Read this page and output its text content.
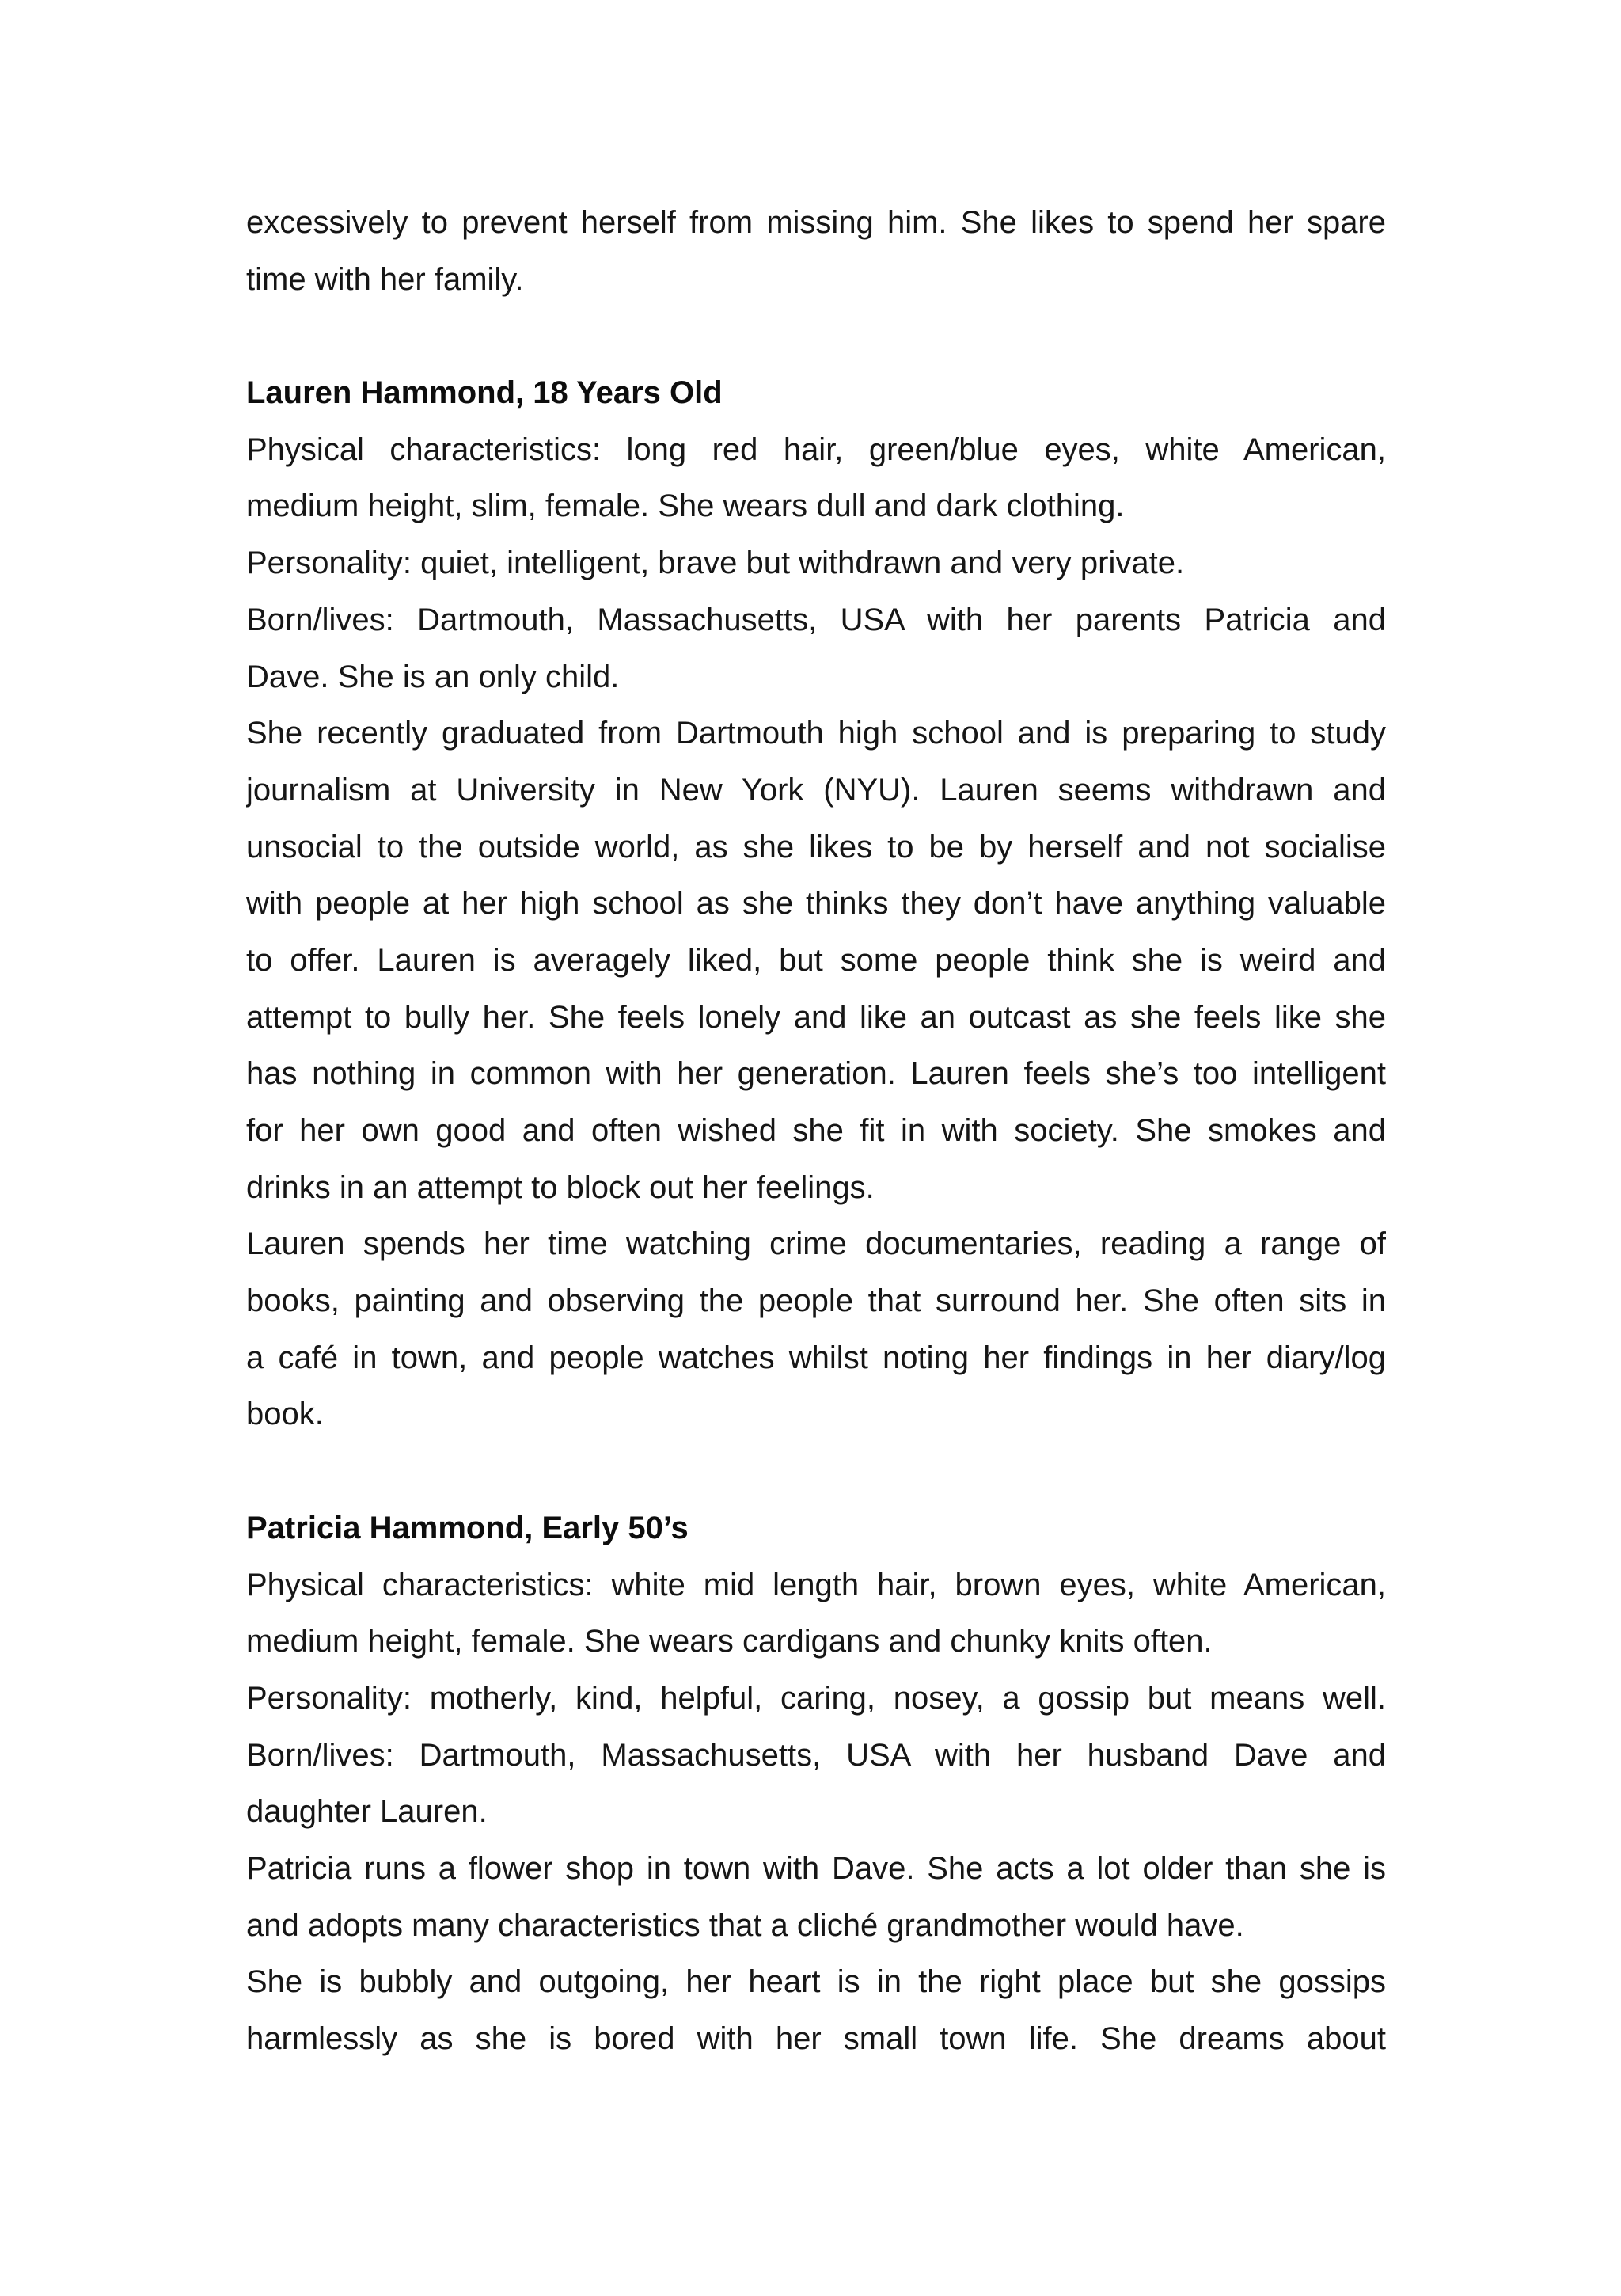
excessively to prevent herself from missing him. She likes to spend her spare
time with her family.
Lauren Hammond, 18 Years Old
Physical characteristics: long red hair, green/blue eyes, white American,
medium height, slim, female. She wears dull and dark clothing.
Personality: quiet, intelligent, brave but withdrawn and very private.
Born/lives: Dartmouth, Massachusetts, USA with her parents Patricia and
Dave. She is an only child.
She recently graduated from Dartmouth high school and is preparing to study
journalism at University in New York (NYU). Lauren seems withdrawn and
unsocial to the outside world, as she likes to be by herself and not socialise
with people at her high school as she thinks they don’t have anything valuable
to offer. Lauren is averagely liked, but some people think she is weird and
attempt to bully her. She feels lonely and like an outcast as she feels like she
has nothing in common with her generation. Lauren feels she’s too intelligent
for her own good and often wished she fit in with society. She smokes and
drinks in an attempt to block out her feelings.
Lauren spends her time watching crime documentaries, reading a range of
books, painting and observing the people that surround her. She often sits in
a café in town, and people watches whilst noting her findings in her diary/log
book.
Patricia Hammond, Early 50’s
Physical characteristics: white mid length hair, brown eyes, white American,
medium height, female. She wears cardigans and chunky knits often.
Personality: motherly, kind, helpful, caring, nosey, a gossip but means well.
Born/lives: Dartmouth, Massachusetts, USA with her husband Dave and
daughter Lauren.
Patricia runs a flower shop in town with Dave. She acts a lot older than she is
and adopts many characteristics that a cliché grandmother would have.
She is bubbly and outgoing, her heart is in the right place but she gossips
harmlessly as she is bored with her small town life. She dreams about
